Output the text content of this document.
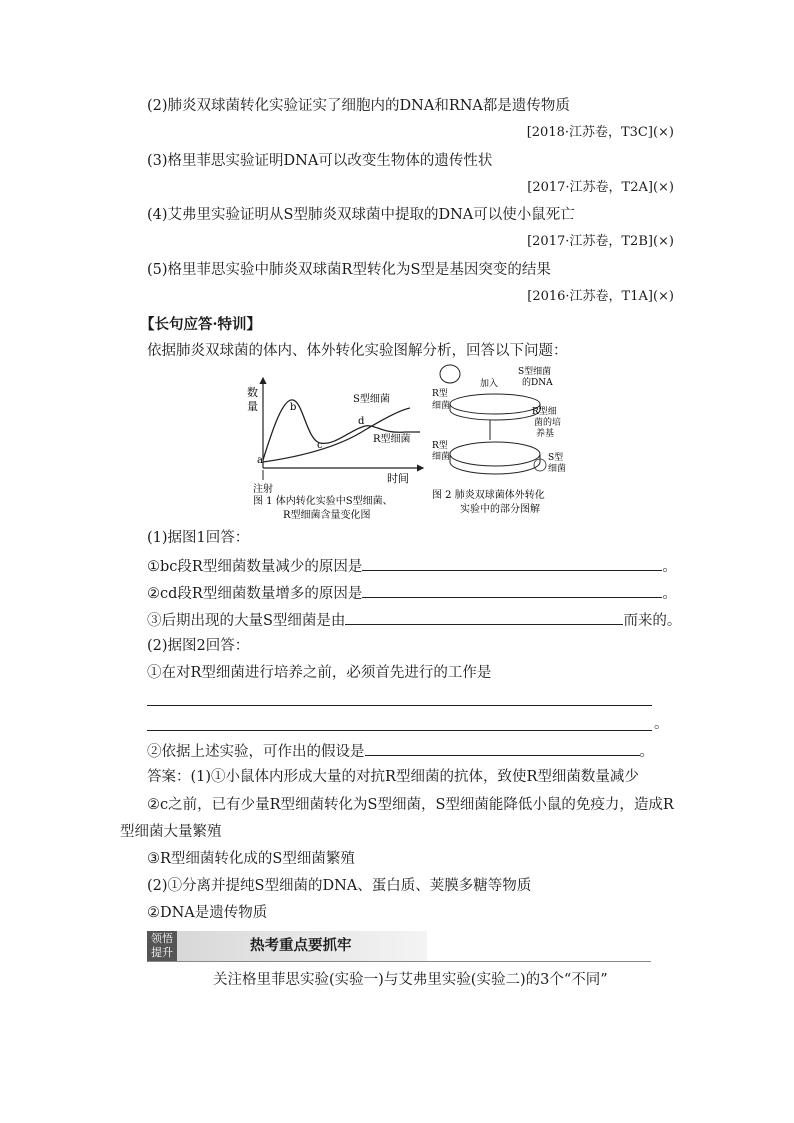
(2)肺炎双球菌转化实验证实了细胞内的DNA和RNA都是遗传物质
[2018·江苏卷，T3C](×)
(3)格里菲思实验证明DNA可以改变生物体的遗传性状
[2017·江苏卷，T2A](×)
(4)艾弗里实验证明从S型肺炎双球菌中提取的DNA可以使小鼠死亡
[2017·江苏卷，T2B](×)
(5)格里菲思实验中肺炎双球菌R型转化为S型是基因突变的结果
[2016·江苏卷，T1A](×)
【长句应答·特训】
依据肺炎双球菌的体内、体外转化实验图解分析，回答以下问题：
数
量
时间
a
b
c
d
S型细菌
R型细菌
注射
图 1 体内转化实验中S型细菌、
R型细菌含量变化图
R型
细菌
加入
S型细菌
的DNA
R型细
菌的培
养基
R型
细菌	S型
细菌
图 2 肺炎双球菌体外转化
实验中的部分图解
(1)据图1回答：
①bc段R型细菌数量减少的原因是	。
②cd段R型细菌数量增多的原因是	。
③后期出现的大量S型细菌是由	而来的。
(2)据图2回答：
①在对R型细菌进行培养之前，必须首先进行的工作是
。
②依据上述实验，可作出的假设是	。
答案：(1)①小鼠体内形成大量的对抗R型细菌的抗体，致使R型细菌数量减少
②c之前，已有少量R型细菌转化为S型细菌，S型细菌能降低小鼠的免疫力，造成R
型细菌大量繁殖
③R型细菌转化成的S型细菌繁殖
(2)①分离并提纯S型细菌的DNA、蛋白质、荚膜多糖等物质
②DNA是遗传物质
领悟
提升	热考重点要抓牢
关注格里菲思实验(实验一)与艾弗里实验(实验二)的3个“不同”
